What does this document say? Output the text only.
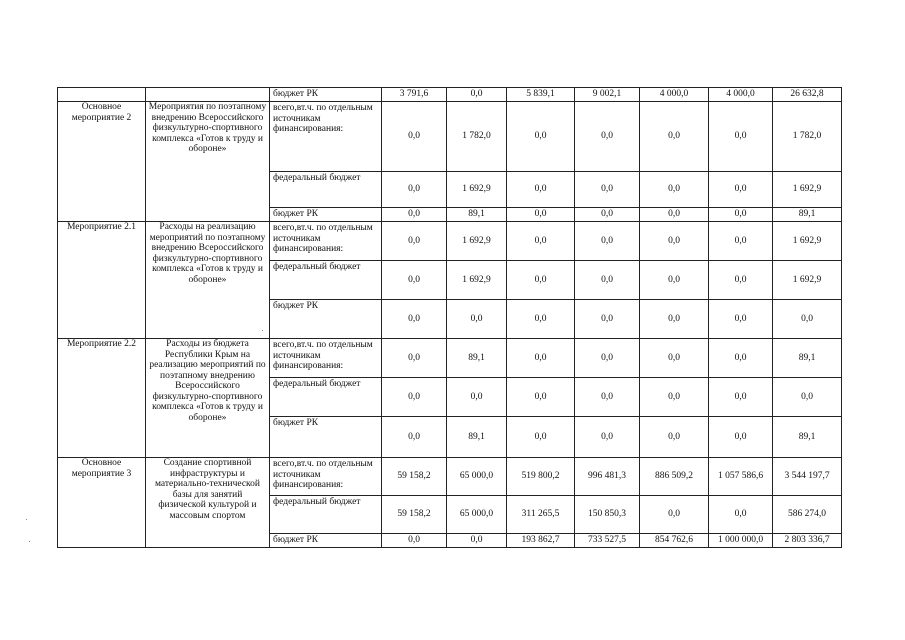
		бюджет РК	3 791,6	0,0	5 839,1	9 002,1	4 000,0	4 000,0	26 632,8
Основное мероприятие 2	Мероприятия по поэтапному внедрению Всероссийского физкультурно-спортивного комплекса «Готов к труду и обороне»	всего,вт.ч. по отдельным источникам финансирования:	0,0	1 782,0	0,0	0,0	0,0	0,0	1 782,0
		федеральный бюджет	0,0	1 692,9	0,0	0,0	0,0	0,0	1 692,9
		бюджет РК	0,0	89,1	0,0	0,0	0,0	0,0	89,1
Мероприятие 2.1	Расходы на реализацию мероприятий по поэтапному внедрению Всероссийского физкультурно-спортивного комплекса «Готов к труду и обороне»	всего,вт.ч. по отдельным источникам финансирования:	0,0	1 692,9	0,0	0,0	0,0	0,0	1 692,9
		федеральный бюджет	0,0	1 692,9	0,0	0,0	0,0	0,0	1 692,9
		бюджет РК	0,0	0,0	0,0	0,0	0,0	0,0	0,0
Мероприятие 2.2	Расходы из бюджета Республики Крым на реализацию мероприятий по поэтапному внедрению Всероссийского физкультурно-спортивного комплекса «Готов к труду и обороне»	всего,вт.ч. по отдельным источникам финансирования:	0,0	89,1	0,0	0,0	0,0	0,0	89,1
		федеральный бюджет	0,0	0,0	0,0	0,0	0,0	0,0	0,0
		бюджет РК	0,0	89,1	0,0	0,0	0,0	0,0	89,1
Основное мероприятие 3	Создание спортивной инфраструктуры и материально-технической базы для занятий физической культурой и массовым спортом	всего,вт.ч. по отдельным источникам финансирования:	59 158,2	65 000,0	519 800,2	996 481,3	886 509,2	1 057 586,6	3 544 197,7
		федеральный бюджет	59 158,2	65 000,0	311 265,5	150 850,3	0,0	0,0	586 274,0
		бюджет РК	0,0	0,0	193 862,7	733 527,5	854 762,6	1 000 000,0	2 803 336,7
